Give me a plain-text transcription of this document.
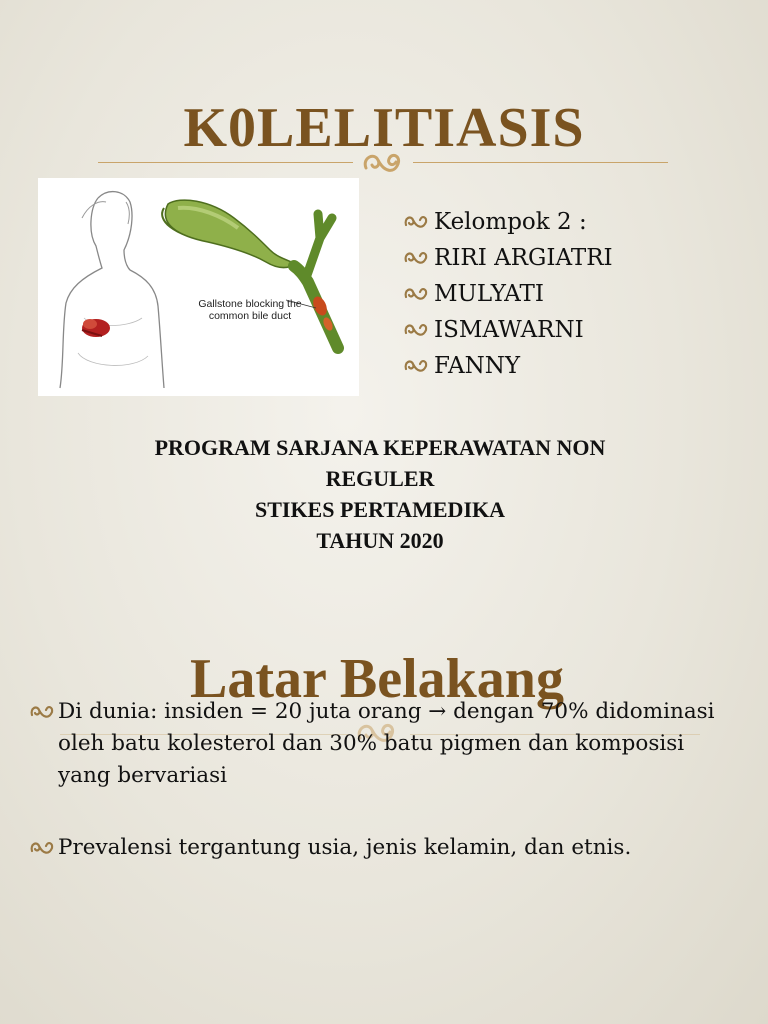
K0LELITIASIS
Gallstone blocking the common bile duct
Kelompok 2 :
RIRI ARGIATRI
MULYATI
ISMAWARNI
FANNY
PROGRAM SARJANA KEPERAWATAN NON
REGULER
STIKES PERTAMEDIKA
TAHUN 2020
Latar Belakang
Di dunia: insiden = 20 juta orang → dengan 70% didominasi oleh batu kolesterol dan 30% batu pigmen dan komposisi yang bervariasi
Prevalensi tergantung usia, jenis kelamin, dan etnis.
